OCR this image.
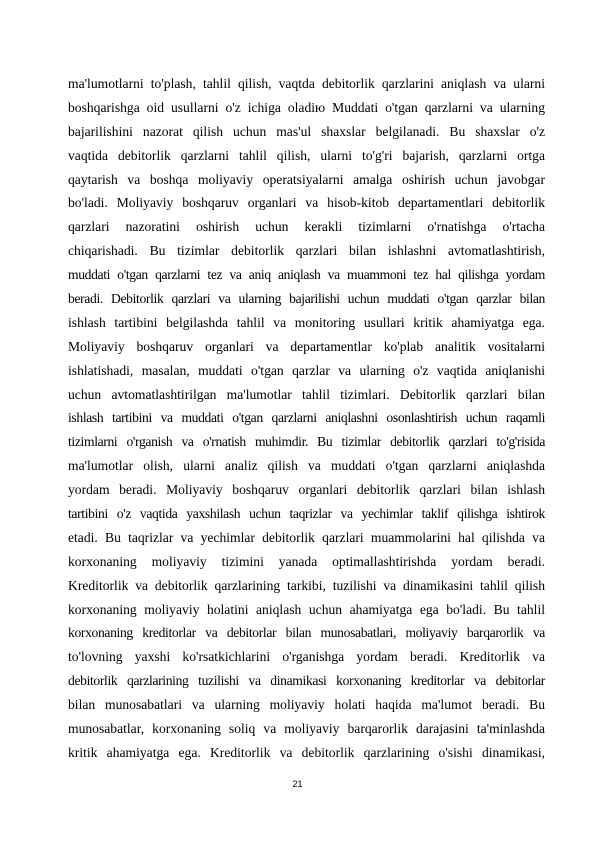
ma'lumotlarni to'plash, tahlil qilish, vaqtda debitorlik qarzlarini aniqlash va ularni
boshqarishga oid usullarni o'z ichiga oladiю Muddati o'tgan qarzlarni va ularning
bajarilishini nazorat qilish uchun mas'ul shaxslar belgilanadi. Bu shaxslar o'z
vaqtida debitorlik qarzlarni tahlil qilish, ularni to'g'ri bajarish, qarzlarni ortga
qaytarish va boshqa moliyaviy operatsiyalarni amalga oshirish uchun javobgar
bo'ladi. Moliyaviy boshqaruv organlari va hisob-kitob departamentlari debitorlik
qarzlari nazoratini oshirish uchun kerakli tizimlarni o'rnatishga o'rtacha
chiqarishadi. Bu tizimlar debitorlik qarzlari bilan ishlashni avtomatlashtirish,
muddati o'tgan qarzlarni tez va aniq aniqlash va muammoni tez hal qilishga yordam
beradi. Debitorlik qarzlari va ularning bajarilishi uchun muddati o'tgan qarzlar bilan
ishlash tartibini belgilashda tahlil va monitoring usullari kritik ahamiyatga ega.
Moliyaviy boshqaruv organlari va departamentlar ko'plab analitik vositalarni
ishlatishadi, masalan, muddati o'tgan qarzlar va ularning o'z vaqtida aniqlanishi
uchun avtomatlashtirilgan ma'lumotlar tahlil tizimlari. Debitorlik qarzlari bilan
ishlash tartibini va muddati o'tgan qarzlarni aniqlashni osonlashtirish uchun raqamli
tizimlarni o'rganish va o'rnatish muhimdir. Bu tizimlar debitorlik qarzlari to'g'risida
ma'lumotlar olish, ularni analiz qilish va muddati o'tgan qarzlarni aniqlashda
yordam beradi. Moliyaviy boshqaruv organlari debitorlik qarzlari bilan ishlash
tartibini o'z vaqtida yaxshilash uchun taqrizlar va yechimlar taklif qilishga ishtirok
etadi. Bu taqrizlar va yechimlar debitorlik qarzlari muammolarini hal qilishda va
korxonaning moliyaviy tizimini yanada optimallashtirishda yordam beradi.
Kreditorlik va debitorlik qarzlarining tarkibi, tuzilishi va dinamikasini tahlil qilish
korxonaning moliyaviy holatini aniqlash uchun ahamiyatga ega bo'ladi. Bu tahlil
korxonaning kreditorlar va debitorlar bilan munosabatlari, moliyaviy barqarorlik va
to'lovning yaxshi ko'rsatkichlarini o'rganishga yordam beradi. Kreditorlik va
debitorlik qarzlarining tuzilishi va dinamikasi korxonaning kreditorlar va debitorlar
bilan munosabatlari va ularning moliyaviy holati haqida ma'lumot beradi. Bu
munosabatlar, korxonaning soliq va moliyaviy barqarorlik darajasini ta'minlashda
kritik ahamiyatga ega. Kreditorlik va debitorlik qarzlarining o'sishi dinamikasi,
21
